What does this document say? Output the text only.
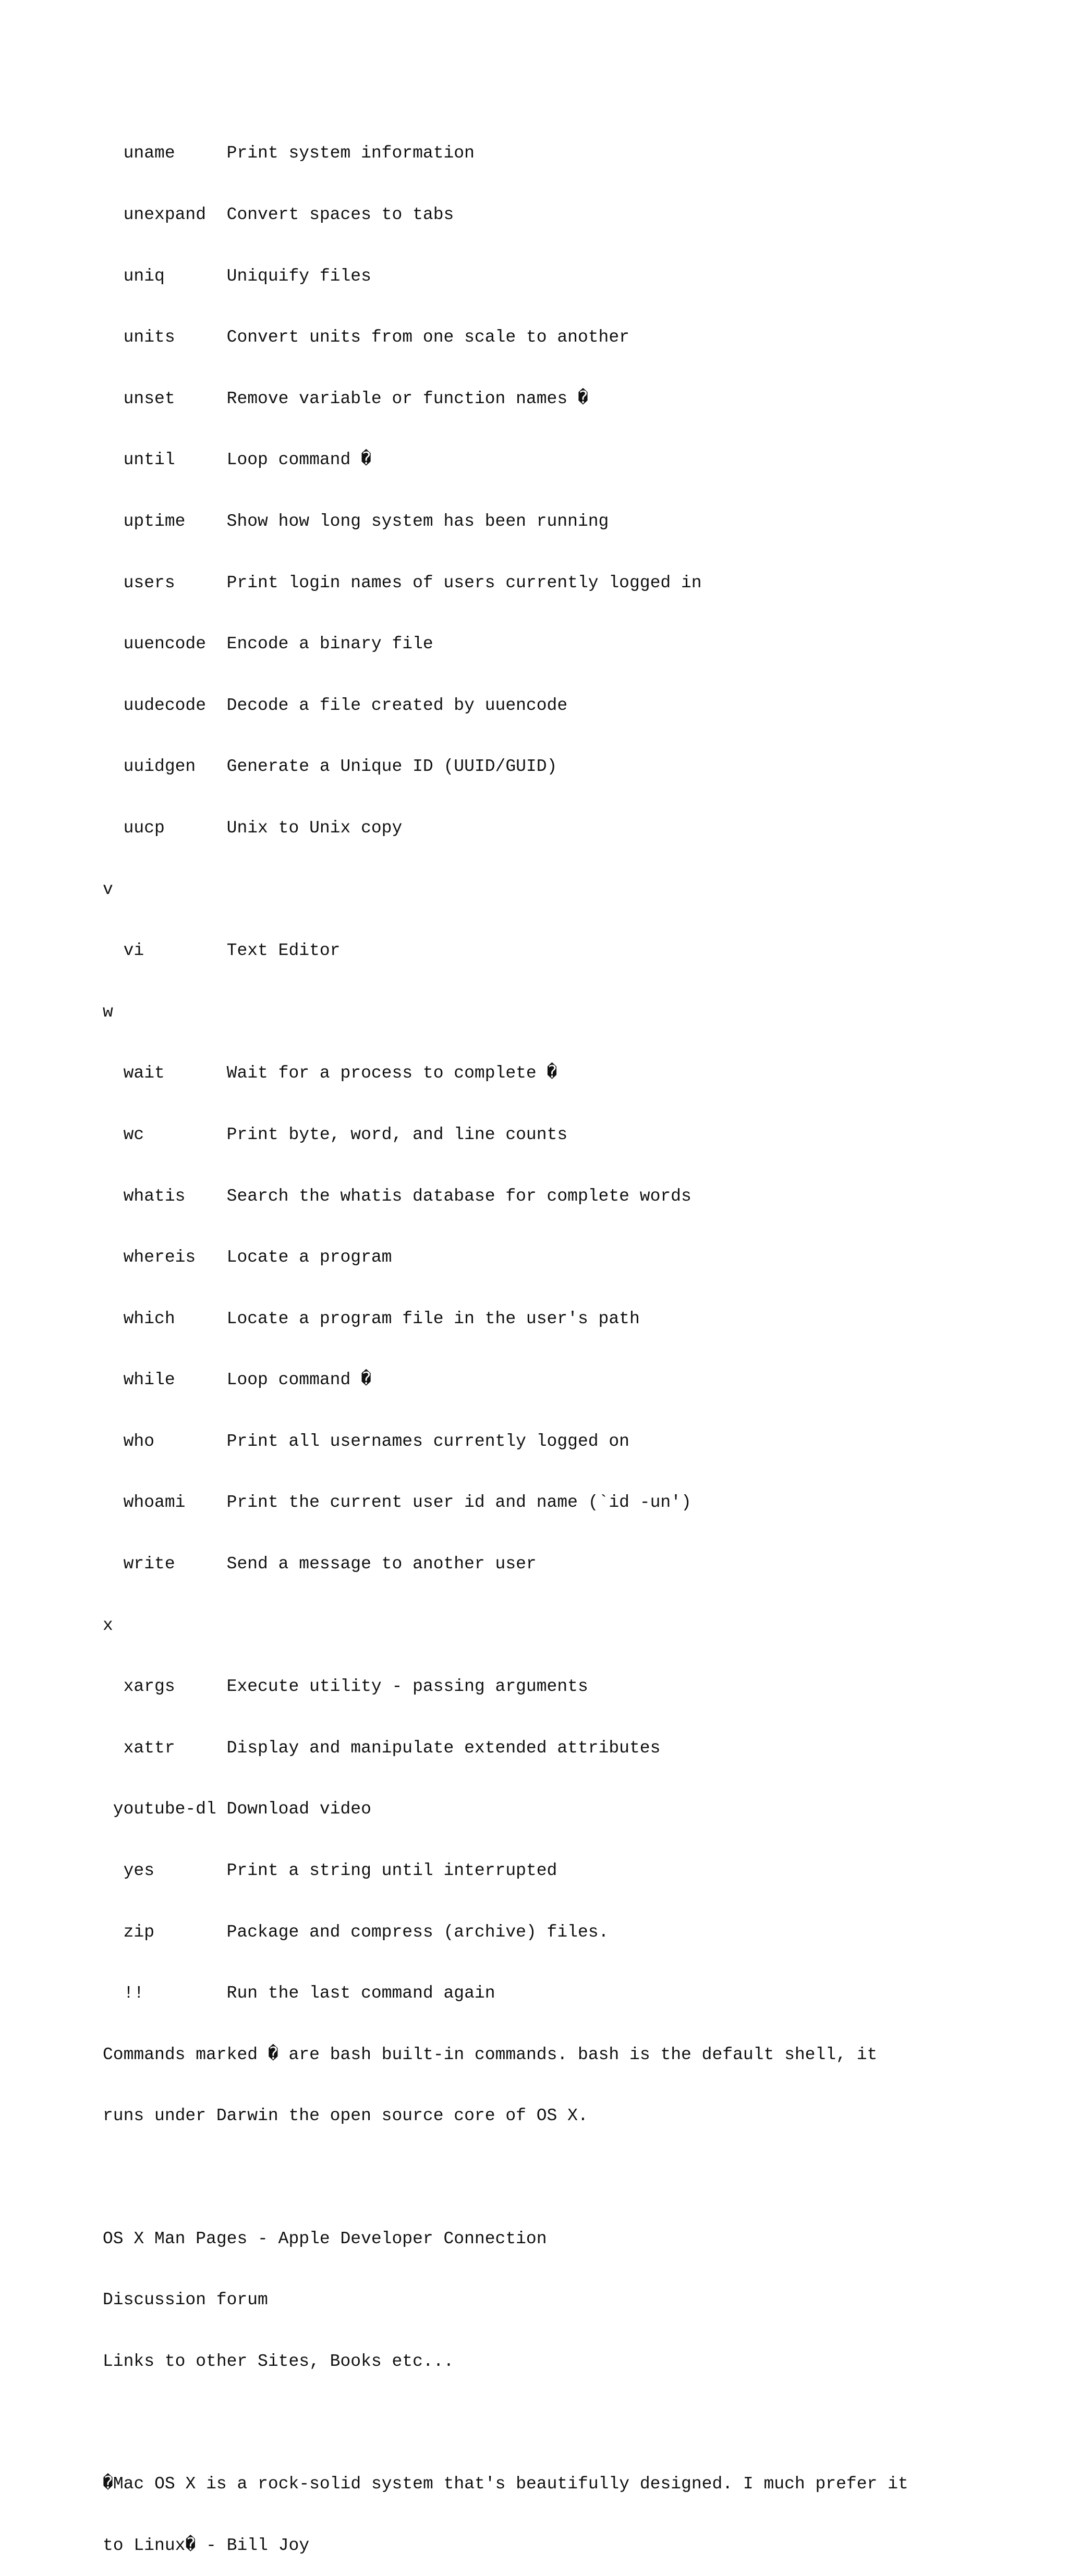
uname     Print system information

unexpand  Convert spaces to tabs

uniq      Uniquify files

units     Convert units from one scale to another

unset     Remove variable or function names �

until     Loop command �

uptime    Show how long system has been running

users     Print login names of users currently logged in

uuencode  Encode a binary file

uudecode  Decode a file created by uuencode

uuidgen   Generate a Unique ID (UUID/GUID)

uucp      Unix to Unix copy

v

vi        Text Editor

w

wait      Wait for a process to complete �

wc        Print byte, word, and line counts

whatis    Search the whatis database for complete words

whereis   Locate a program

which     Locate a program file in the user's path

while     Loop command �

who       Print all usernames currently logged on

whoami    Print the current user id and name (`id -un')

write     Send a message to another user

x

xargs     Execute utility - passing arguments

xattr     Display and manipulate extended attributes

youtube-dl Download video

yes       Print a string until interrupted

zip       Package and compress (archive) files.

!!        Run the last command again

Commands marked � are bash built-in commands. bash is the default shell, it

runs under Darwin the open source core of OS X.

OS X Man Pages - Apple Developer Connection

Discussion forum

Links to other Sites, Books etc...

�Mac OS X is a rock-solid system that's beautifully designed. I much prefer it

to Linux� - Bill Joy
